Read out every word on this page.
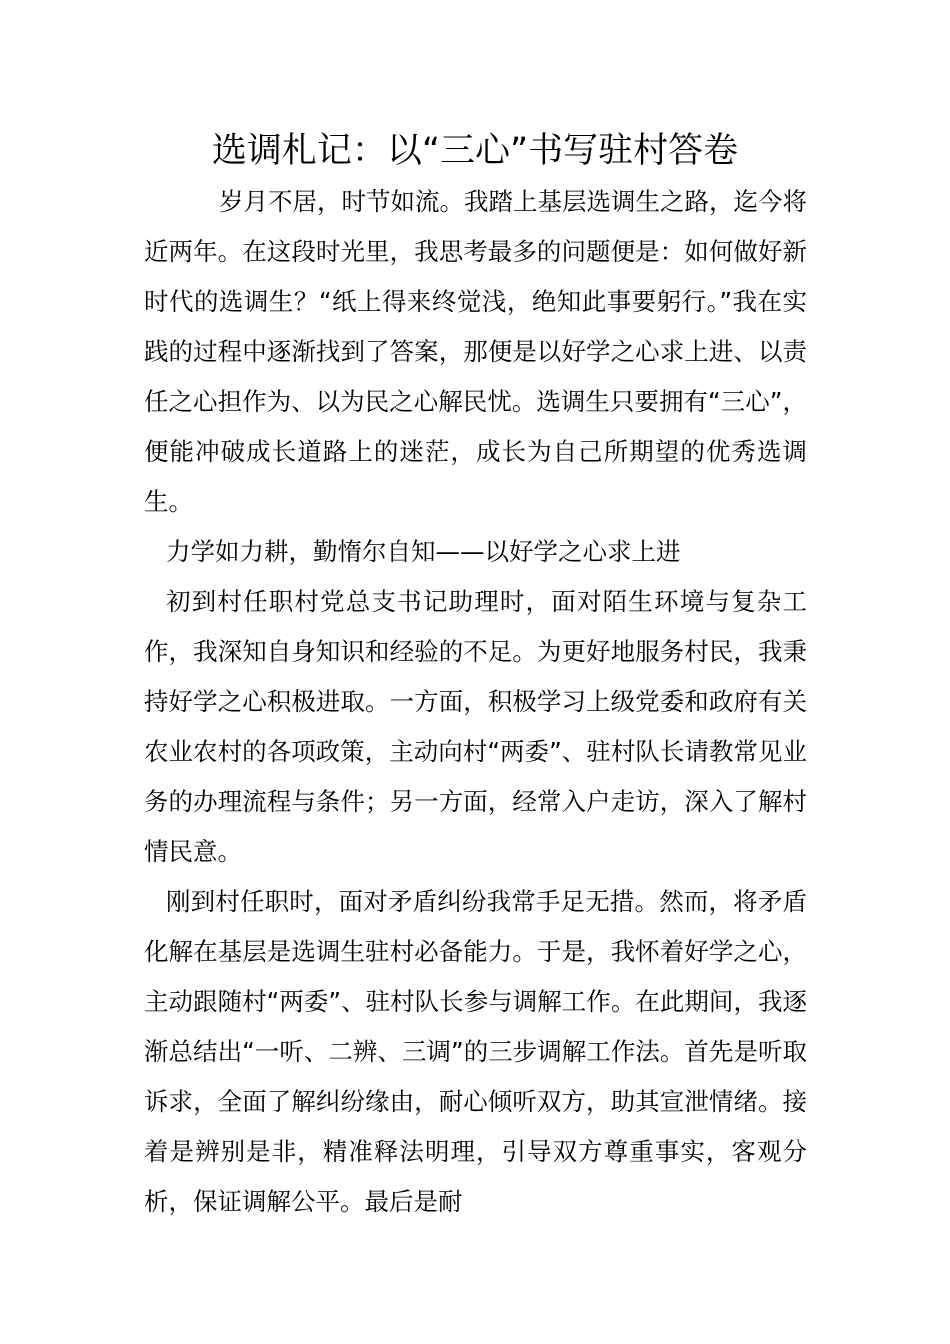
选调札记：以“三心”书写驻村答卷

岁月不居，时节如流。我踏上基层选调生之路，迄今将近两年。在这段时光里，我思考最多的问题便是：如何做好新时代的选调生？“纸上得来终觉浅，绝知此事要躬行。”我在实践的过程中逐渐找到了答案，那便是以好学之心求上进、以责任之心担作为、以为民之心解民忧。选调生只要拥有“三心”，便能冲破成长道路上的迷茫，成长为自己所期望的优秀选调生。

力学如力耕，勤惰尔自知——以好学之心求上进

初到村任职村党总支书记助理时，面对陌生环境与复杂工作，我深知自身知识和经验的不足。为更好地服务村民，我秉持好学之心积极进取。一方面，积极学习上级党委和政府有关农业农村的各项政策，主动向村“两委”、驻村队长请教常见业务的办理流程与条件；另一方面，经常入户走访，深入了解村情民意。

刚到村任职时，面对矛盾纠纷我常手足无措。然而，将矛盾化解在基层是选调生驻村必备能力。于是，我怀着好学之心，主动跟随村“两委”、驻村队长参与调解工作。在此期间，我逐渐总结出“一听、二辨、三调”的三步调解工作法。首先是听取诉求，全面了解纠纷缘由，耐心倾听双方，助其宣泄情绪。接着是辨别是非，精准释法明理，引导双方尊重事实，客观分析，保证调解公平。最后是耐
